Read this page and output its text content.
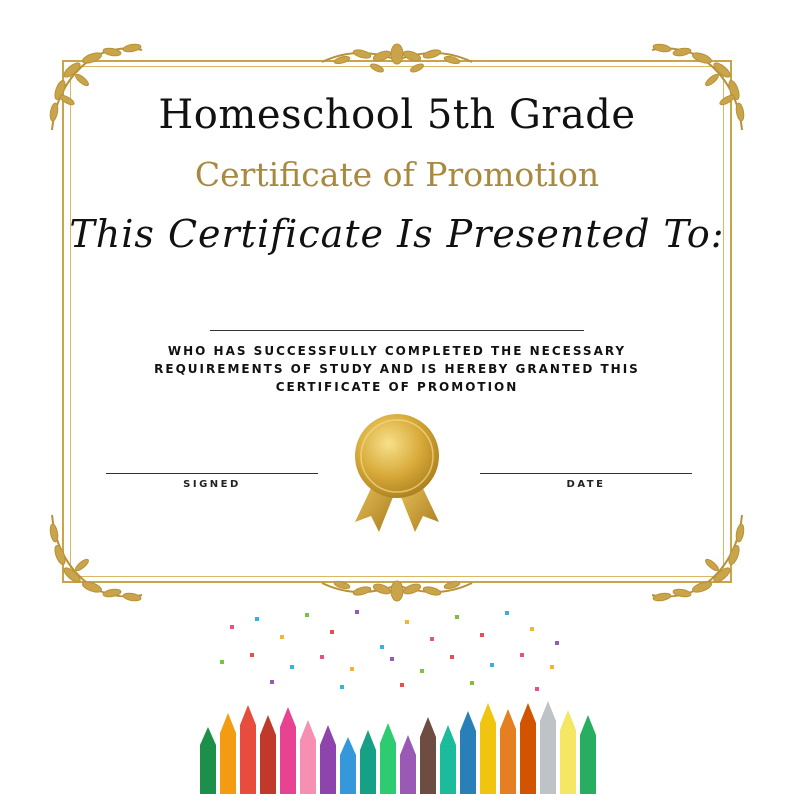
Homeschool 5th Grade
Certificate of Promotion
This Certificate Is Presented To:
WHO HAS SUCCESSFULLY COMPLETED THE NECESSARY
REQUIREMENTS OF STUDY AND IS HEREBY GRANTED THIS
CERTIFICATE OF PROMOTION
SIGNED	DATE
